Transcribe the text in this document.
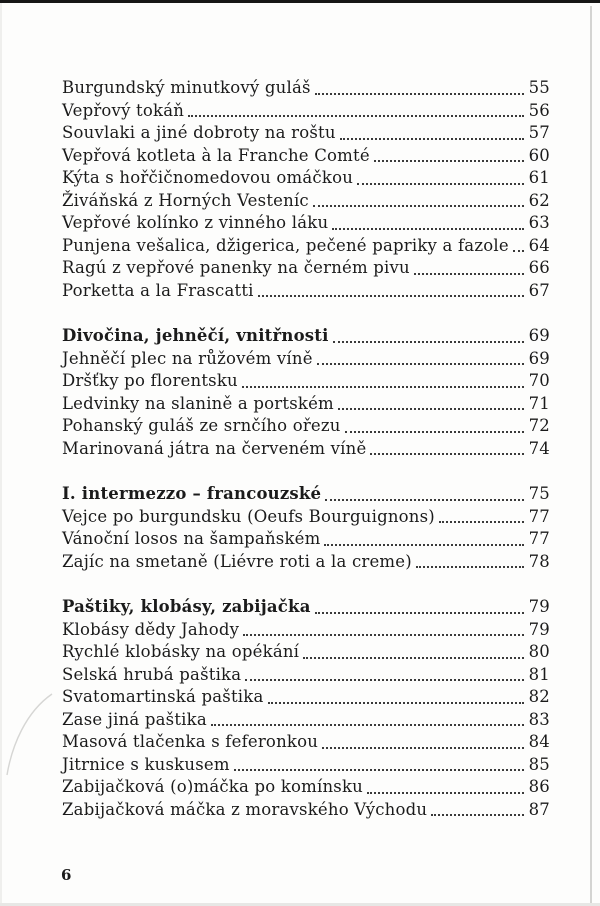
Burgundský minutkový guláš	55
Vepřový tokáň	56
Souvlaki a jiné dobroty na roštu	57
Vepřová kotleta à la Franche Comté	60
Kýta s hořčičnomedovou omáčkou	61
Živáňská z Horných Vesteníc	62
Vepřové kolínko z vinného láku	63
Punjena vešalica, džigerica, pečené papriky a fazole 64
Ragú z vepřové panenky na černém pivu	66
Porketta a la Frascatti	67
Divočina, jehněčí, vnitřnosti	69
Jehněčí plec na růžovém víně	69
Dršťky po florentsku	70
Ledvinky na slanině a portském	71
Pohanský guláš ze srnčího ořezu	72
Marinovaná játra na červeném víně	74
I. intermezzo – francouzské	75
Vejce po burgundsku (Oeufs Bourguignons)	77
Vánoční losos na šampaňském	77
Zajíc na smetaně (Liévre roti a la creme)	78
Paštiky, klobásy, zabijačka	79
Klobásy dědy Jahody	79
Rychlé klobásky na opékání	80
Selská hrubá paštika	81
Svatomartinská paštika	82
Zase jiná paštika	83
Masová tlačenka s feferonkou	84
Jitrnice s kuskusem	85
Zabijačková (o)máčka po komínsku	86
Zabijačková máčka z moravského Východu	87
6
